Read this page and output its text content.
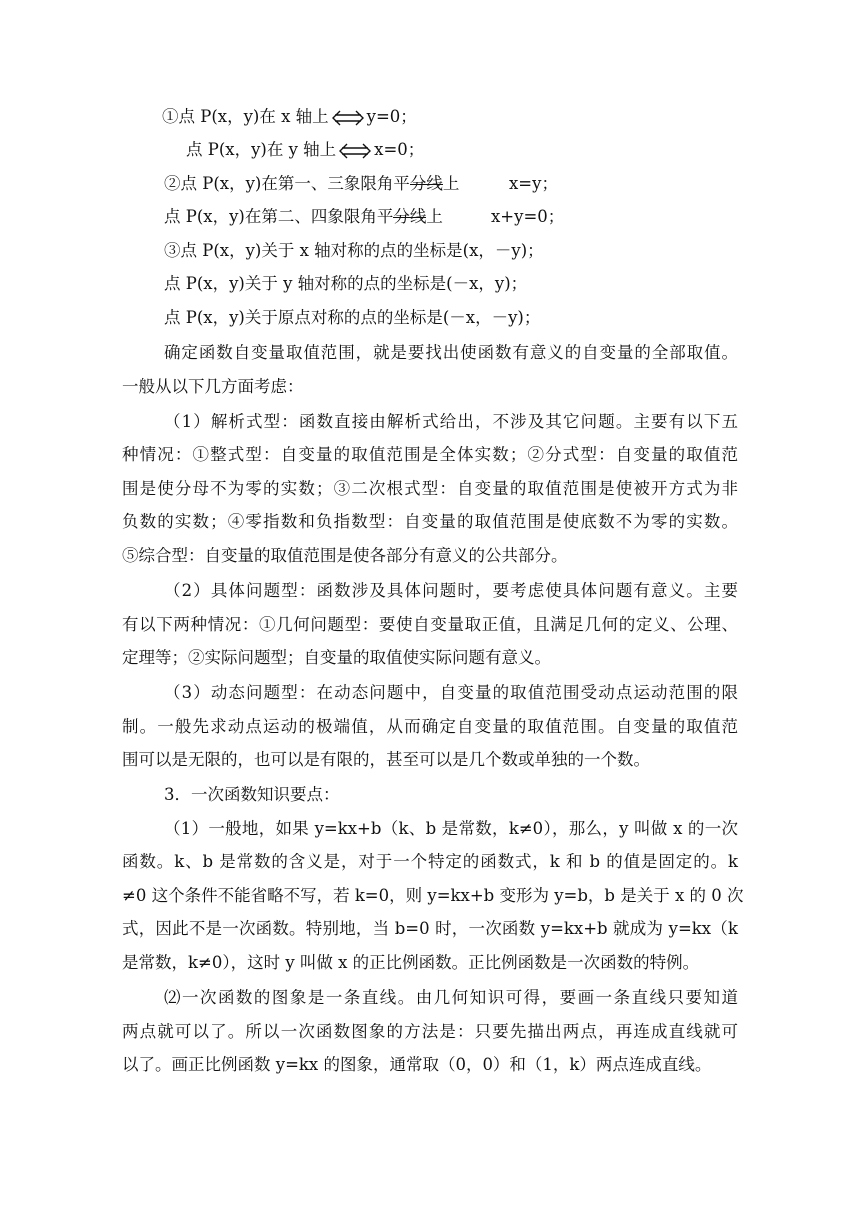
①点 P(x，y)在 x 轴上 y=0；
点 P(x，y)在 y 轴上 x=0；
②点 P(x，y)在第一、三象限角平分线上	x=y；
点 P(x，y)在第二、四象限角平分线上	x+y=0；
③点 P(x，y)关于 x 轴对称的点的坐标是(x，－y)；
点 P(x，y)关于 y 轴对称的点的坐标是(－x，y)；
点 P(x，y)关于原点对称的点的坐标是(－x，－y)；
确定函数自变量取值范围，就是要找出使函数有意义的自变量的全部取值。
一般从以下几方面考虑：
（1）解析式型：函数直接由解析式给出，不涉及其它问题。主要有以下五
种情况：①整式型：自变量的取值范围是全体实数；②分式型：自变量的取值范
围是使分母不为零的实数；③二次根式型：自变量的取值范围是使被开方式为非
负数的实数；④零指数和负指数型：自变量的取值范围是使底数不为零的实数。
⑤综合型：自变量的取值范围是使各部分有意义的公共部分。
（2）具体问题型：函数涉及具体问题时，要考虑使具体问题有意义。主要
有以下两种情况：①几何问题型：要使自变量取正值，且满足几何的定义、公理、
定理等；②实际问题型；自变量的取值使实际问题有意义。
（3）动态问题型：在动态问题中，自变量的取值范围受动点运动范围的限
制。一般先求动点运动的极端值，从而确定自变量的取值范围。自变量的取值范
围可以是无限的，也可以是有限的，甚至可以是几个数或单独的一个数。
3．一次函数知识要点：
（1）一般地，如果 y=kx+b（k、b 是常数，k≠0），那么，y 叫做 x 的一次
函数。k、b 是常数的含义是，对于一个特定的函数式，k 和 b 的值是固定的。k
≠0 这个条件不能省略不写，若 k=0，则 y=kx+b 变形为 y=b，b 是关于 x 的 0 次
式，因此不是一次函数。特别地，当 b=0 时，一次函数 y=kx+b 就成为 y=kx（k
是常数，k≠0），这时 y 叫做 x 的正比例函数。正比例函数是一次函数的特例。
⑵一次函数的图象是一条直线。由几何知识可得，要画一条直线只要知道
两点就可以了。所以一次函数图象的方法是：只要先描出两点，再连成直线就可
以了。画正比例函数 y=kx 的图象，通常取（0，0）和（1，k）两点连成直线。
